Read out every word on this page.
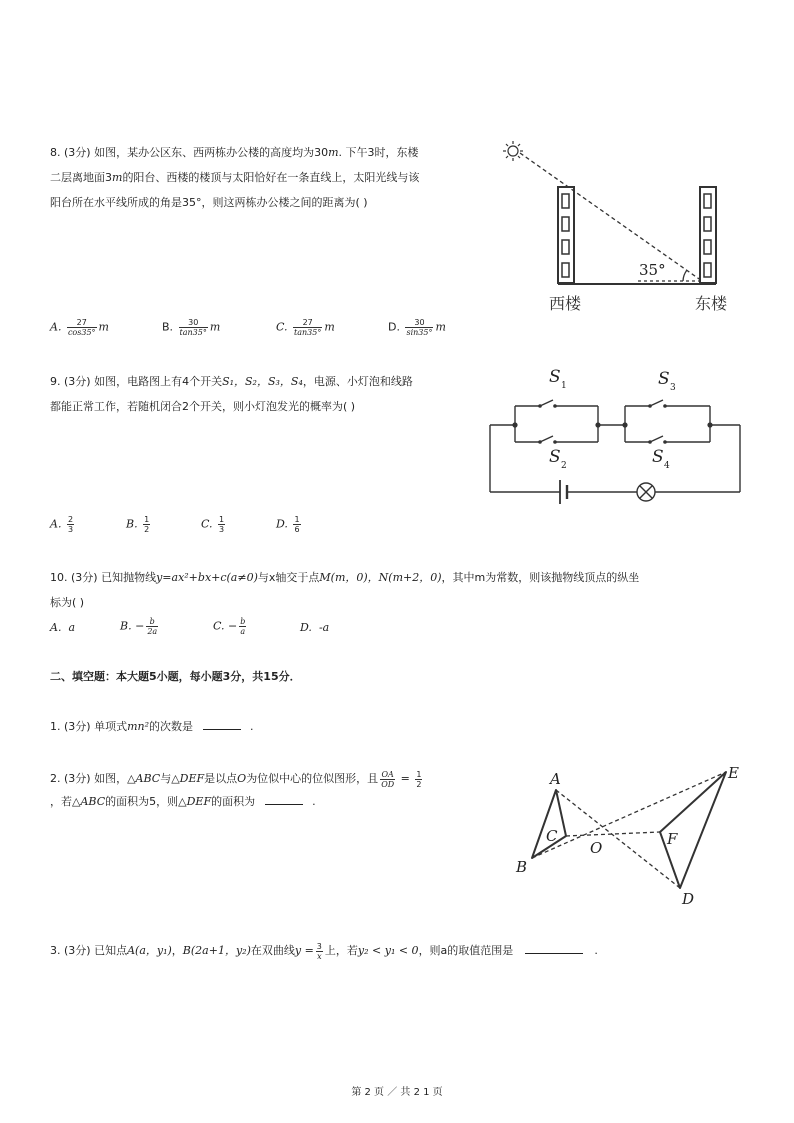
8. (3分) 如图，某办公区东、西两栋办公楼的高度均为30m. 下午3时，东楼
二层离地面3m的阳台、西楼的楼顶与太阳恰好在一条直线上，太阳光线与该
阳台所在水平线所成的角是35°，则这两栋办公楼之间的距离为( )
35°
西楼	东楼
A. $\frac{27}{\cos 35^\circ}$ m	B. $\frac{30}{\tan 35^\circ}$ m	C. $\frac{27}{\tan 35^\circ}$ m	D. $\frac{30}{\sin 35^\circ}$ m
9. (3分) 如图，电路图上有4个开关S₁，S₂，S₃，S₄，电源、小灯泡和线路
都能正常工作，若随机闭合2个开关，则小灯泡发光的概率为( )
S 1
S 2
S 3
S 4
A. $\frac{2}{3}$	B. $\frac{1}{2}$	C. $\frac{1}{3}$	D. $\frac{1}{6}$
10. (3分) 已知抛物线y=ax²+bx+c(a≠0)与x轴交于点M(m，0)，N(m+2，0)，其中m为常数，则该抛物线顶点的纵坐
标为( )
A. a	B. − $\frac{b}{2a}$	C. − $\frac{b}{a}$	D. -a
二、填空题：本大题5小题，每小题3分，共15分．
1. (3分) 单项式mn²的次数是	.
2. (3分) 如图，△ABC与△DEF是以点O为位似中心的位似图形，且 $\frac{OA}{OD} = \frac{1}{2}$
，若△ABC的面积为5，则△DEF的面积为	.
A
B
C
O
D
E
F
3. (3分) 已知点A(a，y₁)，B(2a+1，y₂)在双曲线$y = \frac{3}{x}$ 上，若y₂ < y₁ < 0，则a的取值范围是	.
第 2 页 ／ 共 2 1 页
